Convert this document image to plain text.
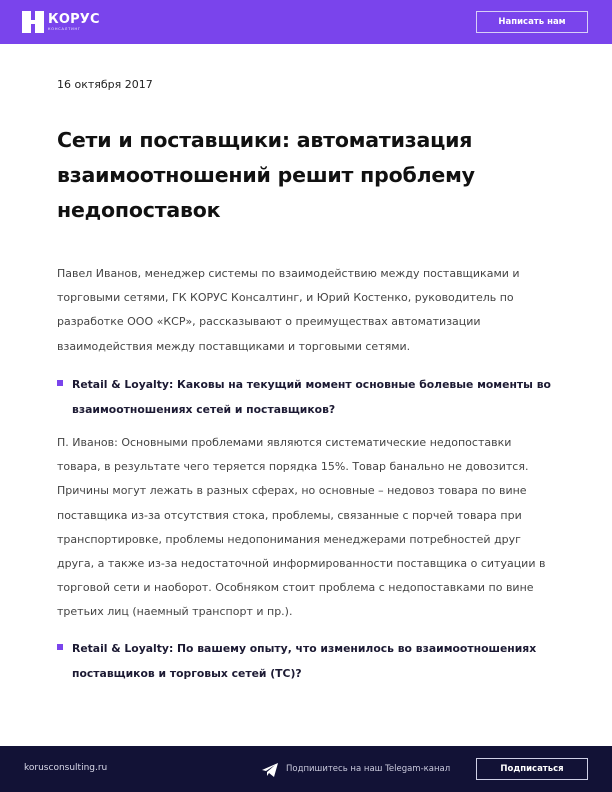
КОРУС
КОНСАЛТИНГ
Написать нам
16 октября 2017
Сети и поставщики: автоматизация взаимоотношений решит проблему недопоставок

Павел Иванов, менеджер системы по взаимодействию между поставщиками и торговыми сетями, ГК КОРУС Консалтинг, и Юрий Костенко, руководитель по разработке ООО «КСР», рассказывают о преимуществах автоматизации взаимодействия между поставщиками и торговыми сетями.

Retail & Loyalty: Каковы на текущий момент основные болевые моменты во взаимоотношениях сетей и поставщиков?

П. Иванов: Основными проблемами являются систематические недопоставки товара, в результате чего теряется порядка 15%. Товар банально не довозится. Причины могут лежать в разных сферах, но основные – недовоз товара по вине поставщика из-за отсутствия стока, проблемы, связанные с порчей товара при транспортировке, проблемы недопонимания менеджерами потребностей друг друга, а также из-за недостаточной информированности поставщика о ситуации в торговой сети и наоборот. Особняком стоит проблема с недопоставками по вине третьих лиц (наемный транспорт и пр.).

Retail & Loyalty: По вашему опыту, что изменилось во взаимоотношениях поставщиков и торговых сетей (ТС)?
korusconsulting.ru	Подпишитесь на наш Telegam-канал	Подписаться
